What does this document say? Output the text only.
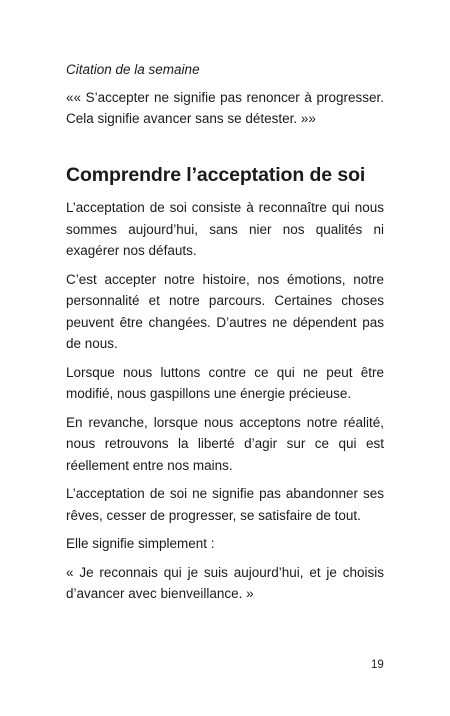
Citation de la semaine

«« S’accepter ne signifie pas renoncer à progresser. Cela signifie avancer sans se détester. »»

Comprendre l’acceptation de soi

L’acceptation de soi consiste à reconnaître qui nous sommes aujourd’hui, sans nier nos qualités ni exagérer nos défauts.

C’est accepter notre histoire, nos émotions, notre personnalité et notre parcours. Certaines choses peuvent être changées. D’autres ne dépendent pas de nous.

Lorsque nous luttons contre ce qui ne peut être modifié, nous gaspillons une énergie précieuse.

En revanche, lorsque nous acceptons notre réalité, nous retrouvons la liberté d’agir sur ce qui est réellement entre nos mains.

L’acceptation de soi ne signifie pas abandonner ses rêves, cesser de progresser, se satisfaire de tout.

Elle signifie simplement :

« Je reconnais qui je suis aujourd’hui, et je choisis d’avancer avec bienveillance. »

19
